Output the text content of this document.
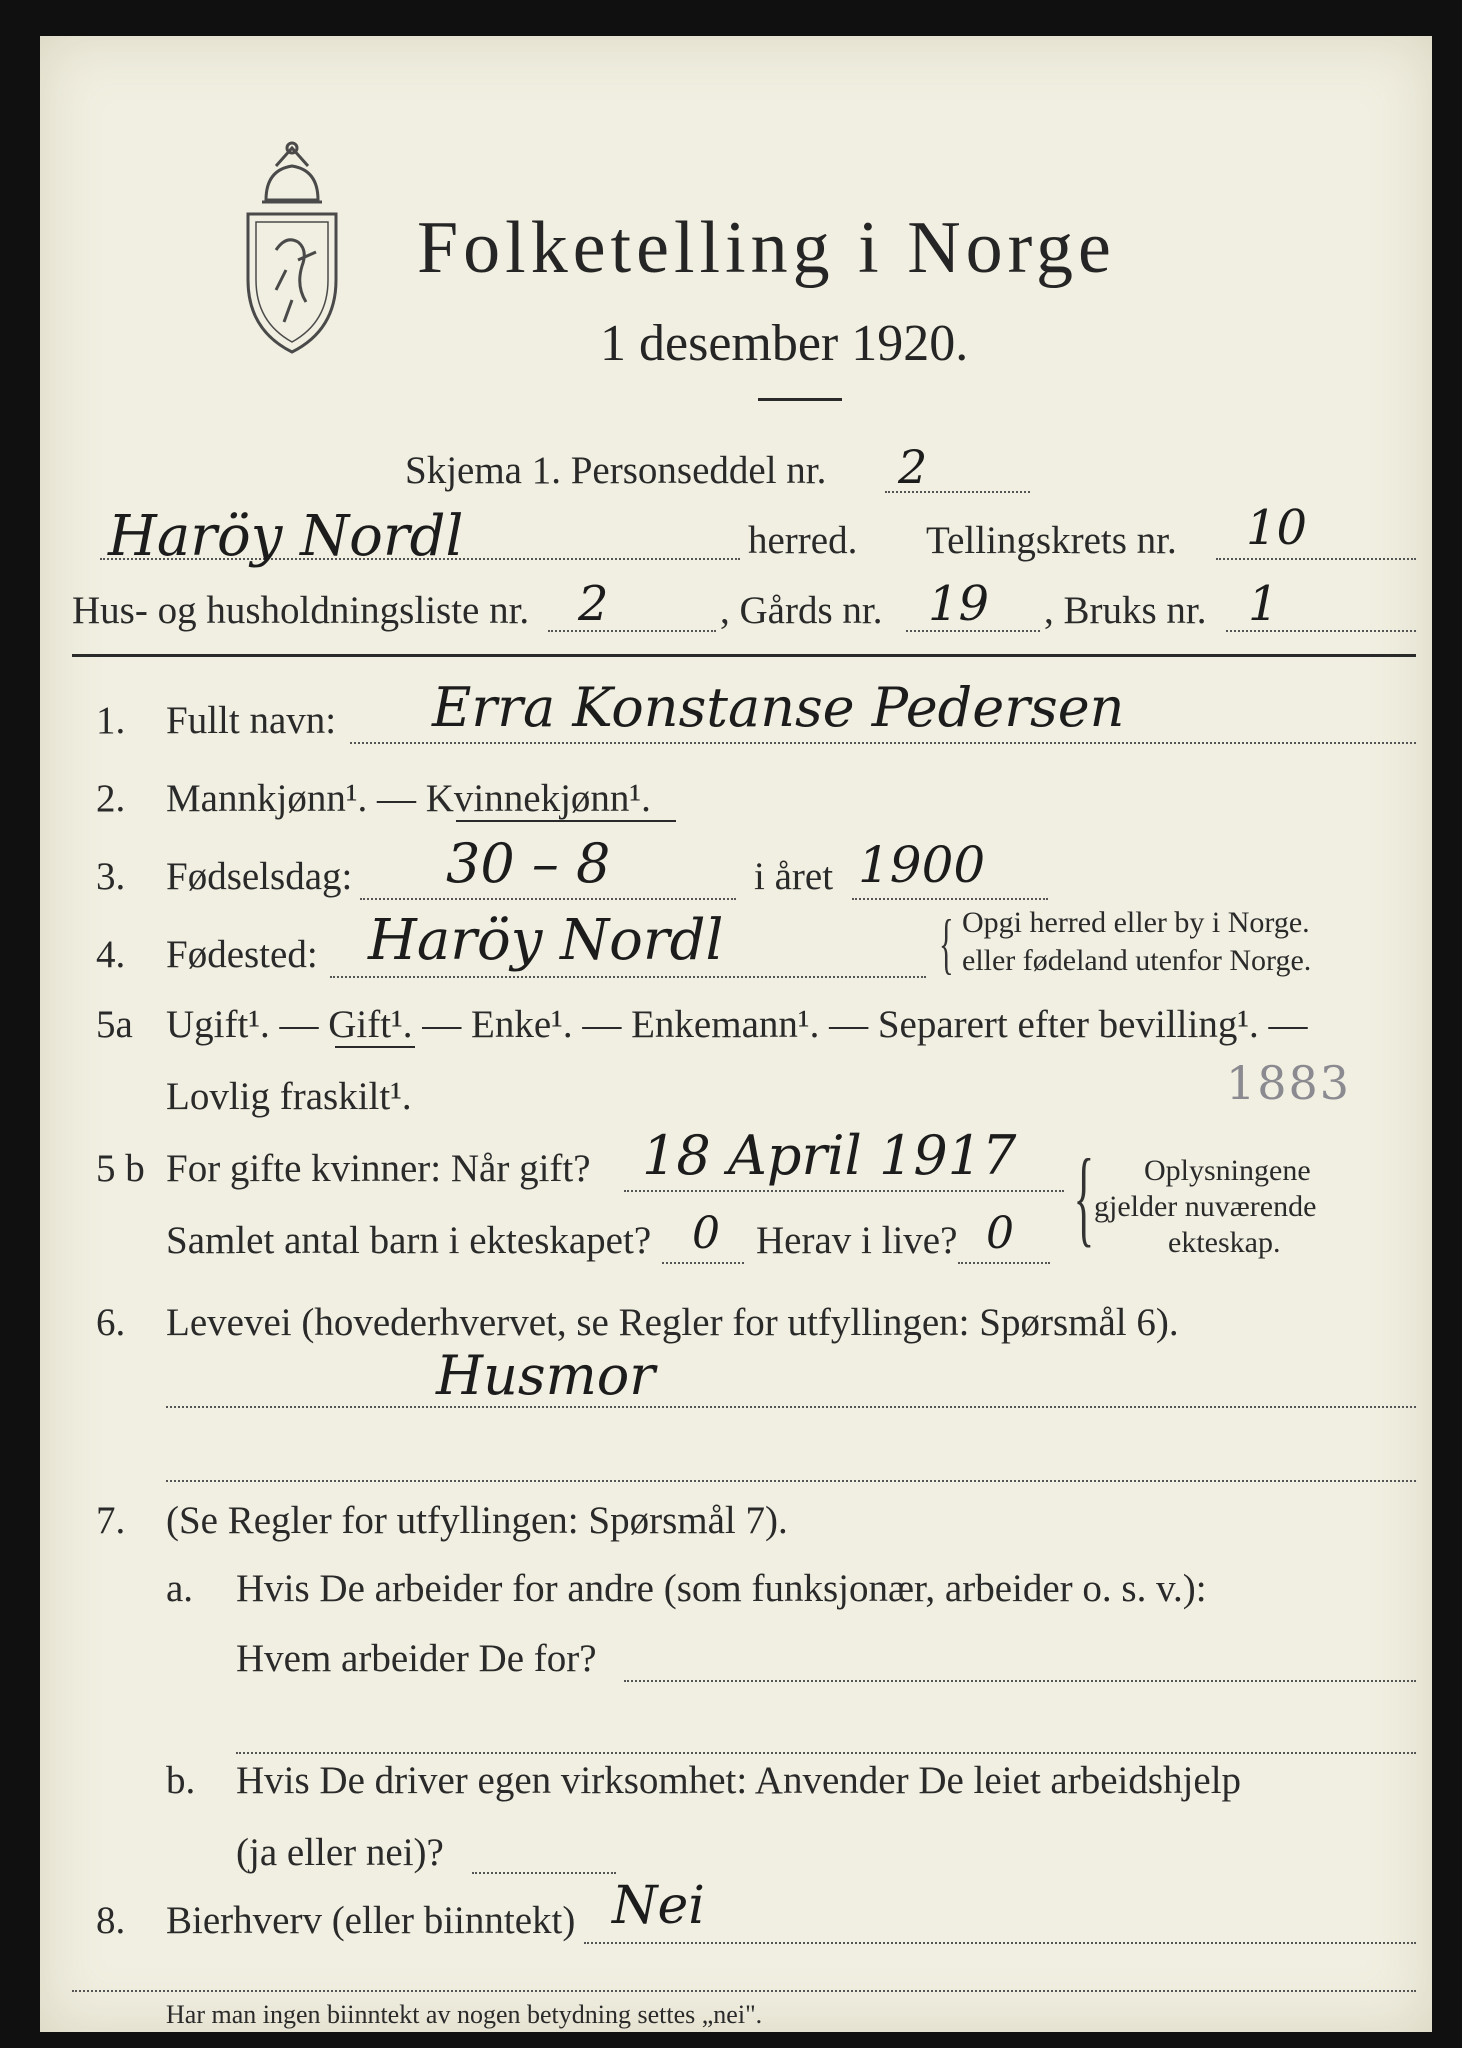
Folketelling i Norge
1 desember 1920.
Skjema 1. Personseddel nr. 2
Haröy Nordl	herred. Tellingskrets nr. 10
Hus- og husholdningsliste nr. 2	, Gårds nr. 19 , Bruks nr. 1
1. Fullt navn: Erra Konstanse Pedersen
2. Mannkjønn¹. — Kvinnekjønn¹.
3. Fødselsdag: 30 – 8	i året 1900
4. Fødested: Haröy Nordl	{ Opgi herred eller by i Norge.
eller fødeland utenfor Norge.
5a Ugift¹. — Gift¹. — Enke¹. — Enkemann¹. — Separert efter bevilling¹. —
Lovlig fraskilt¹.	1883
5 b For gifte kvinner: Når gift? 18 April 1917
Samlet antal barn i ekteskapet? 0 Herav i live? 0 { Oplysningene
gjelder nuværende
ekteskap.
6. Levevei (hovederhvervet, se Regler for utfyllingen: Spørsmål 6).
Husmor
7. (Se Regler for utfyllingen: Spørsmål 7).
a. Hvis De arbeider for andre (som funksjonær, arbeider o. s. v.):
Hvem arbeider De for?
b. Hvis De driver egen virksomhet: Anvender De leiet arbeidshjelp
(ja eller nei)?
8. Bierhverv (eller biinntekt) Nei
Har man ingen biinntekt av nogen betydning settes „nei".
